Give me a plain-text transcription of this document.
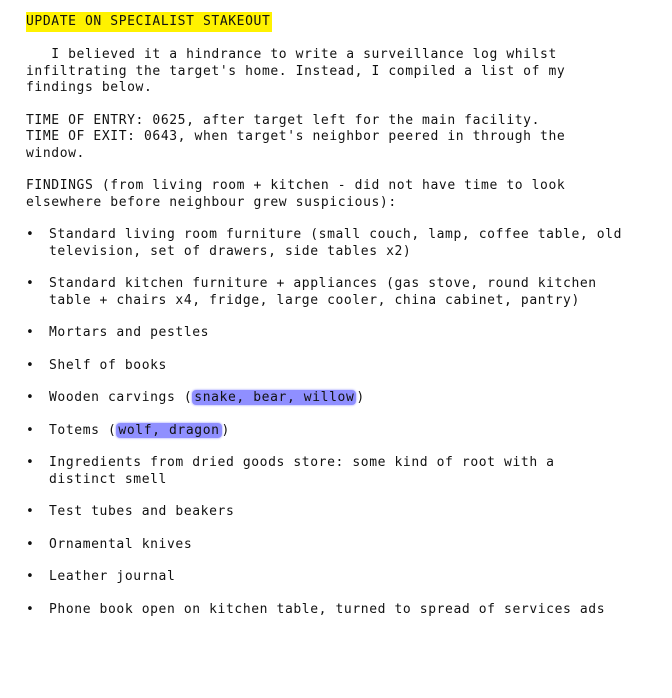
UPDATE ON SPECIALIST STAKEOUT

I believed it a hindrance to write a surveillance log whilst infiltrating the target's home. Instead, I compiled a list of my findings below.

TIME OF ENTRY: 0625, after target left for the main facility.
TIME OF EXIT: 0643, when target's neighbor peered in through the window.

FINDINGS (from living room + kitchen - did not have time to look elsewhere before neighbour grew suspicious):

• Standard living room furniture (small couch, lamp, coffee table, old television, set of drawers, side tables x2)
• Standard kitchen furniture + appliances (gas stove, round kitchen table + chairs x4, fridge, large cooler, china cabinet, pantry)
• Mortars and pestles
• Shelf of books
• Wooden carvings ( snake, bear, willow )
• Totems ( wolf, dragon )
• Ingredients from dried goods store: some kind of root with a distinct smell
• Test tubes and beakers
• Ornamental knives
• Leather journal
• Phone book open on kitchen table, turned to spread of services ads
